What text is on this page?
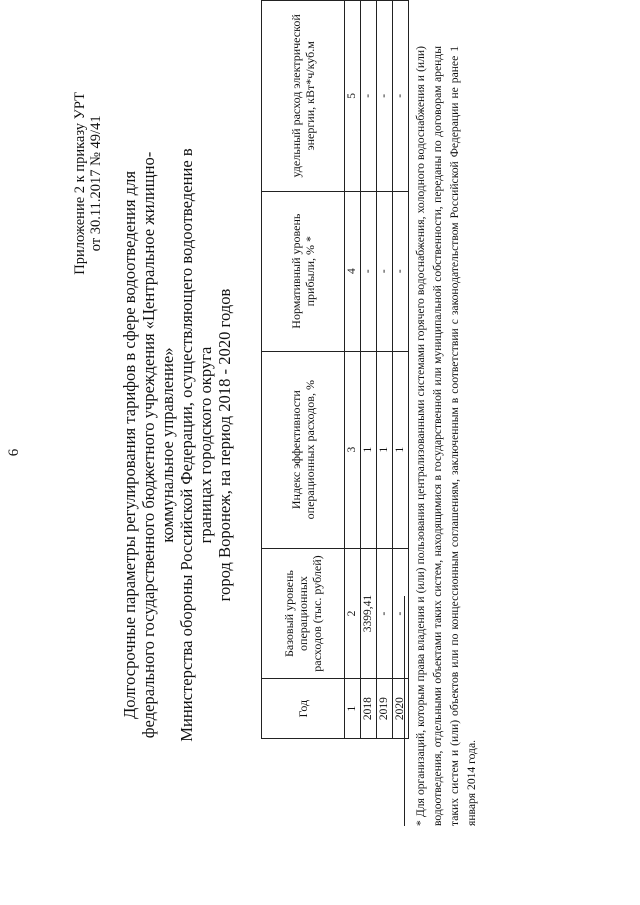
6
Приложение 2 к приказу УРТ от 30.11.2017 № 49/41 Долгосрочные параметры регулирования тарифов в сфере водоотведения для федерального государственного бюджетного учреждения «Центральное жилищно-коммунальное управление» Министерства обороны Российской Федерации, осуществляющего водоотведение в границах городского округа город Воронеж, на период 2018 - 2020 годов
Год	Базовый уровень операционных расходов (тыс. рублей)	Индекс эффективности операционных расходов, %	Нормативный уровень прибыли, % *	удельный расход электрической энергии, кВт*ч/куб.м
1	2	3	4	5
2018	3399,41	1	-	-
2019	-	1	-	-
2020	-	1	-	- * Для организаций, которым права владения и (или) пользования централизованными системами горячего водоснабжения, холодного водоснабжения и (или) водоотведения, отдельными объектами таких систем, находящимися в государственной или муниципальной собственности, переданы по договорам аренды таких систем и (или) объектов или по концессионным соглашениям, заключенным в соответствии с законодательством Российской Федерации не ранее 1 января 2014 года.
